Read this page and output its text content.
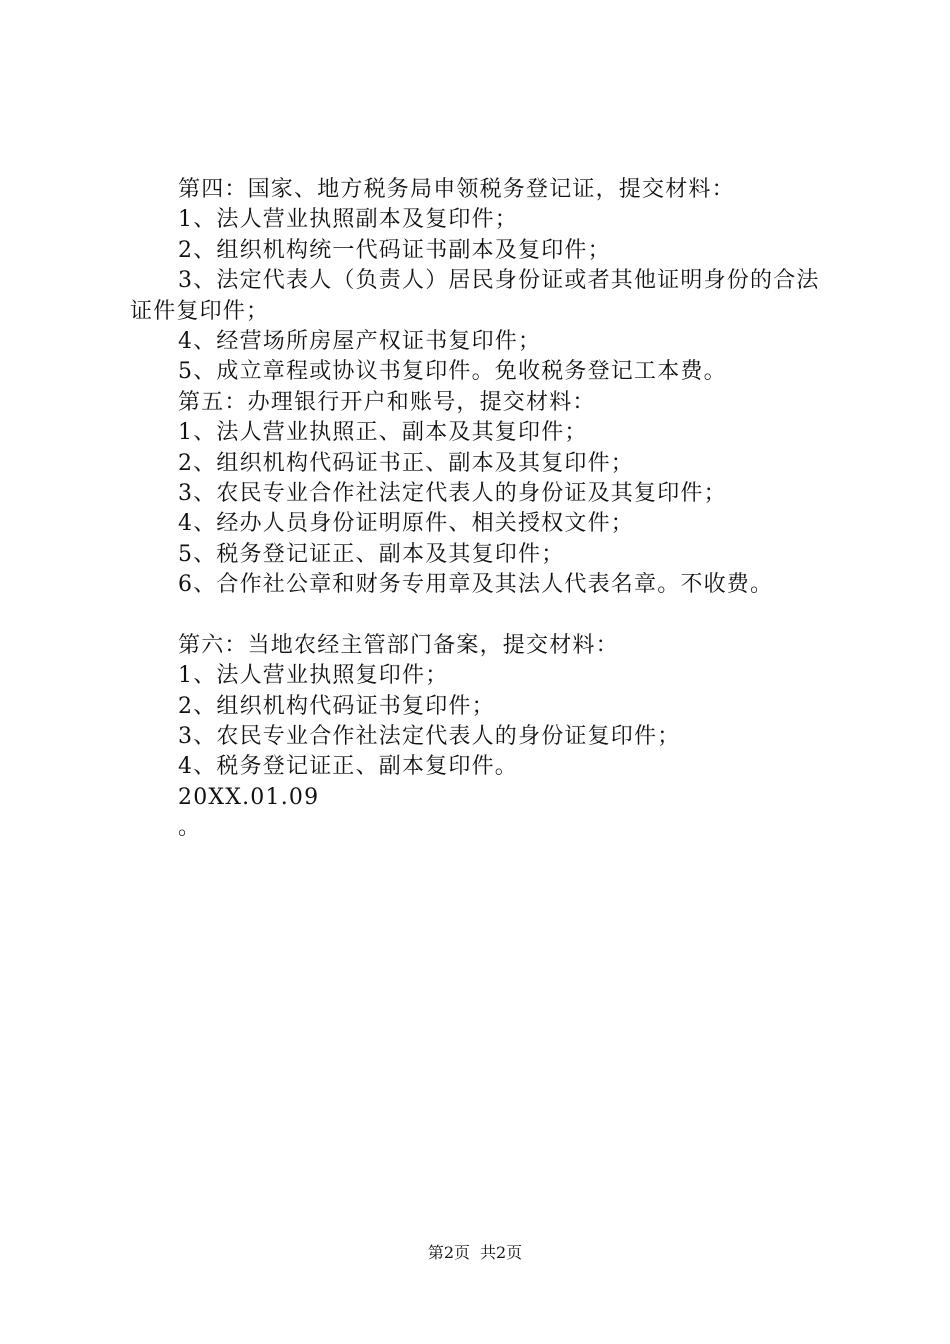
第四：国家、地方税务局申领税务登记证，提交材料：
1、法人营业执照副本及复印件；
2、组织机构统一代码证书副本及复印件；
3、法定代表人（负责人）居民身份证或者其他证明身份的合法证件复印件；
4、经营场所房屋产权证书复印件；
5、成立章程或协议书复印件。免收税务登记工本费。
第五：办理银行开户和账号，提交材料：
1、法人营业执照正、副本及其复印件；
2、组织机构代码证书正、副本及其复印件；
3、农民专业合作社法定代表人的身份证及其复印件；
4、经办人员身份证明原件、相关授权文件；
5、税务登记证正、副本及其复印件；
6、合作社公章和财务专用章及其法人代表名章。不收费。
第六：当地农经主管部门备案，提交材料：
1、法人营业执照复印件；
2、组织机构代码证书复印件；
3、农民专业合作社法定代表人的身份证复印件；
4、税务登记证正、副本复印件。
20XX.01.09
。
第2页 共2页
